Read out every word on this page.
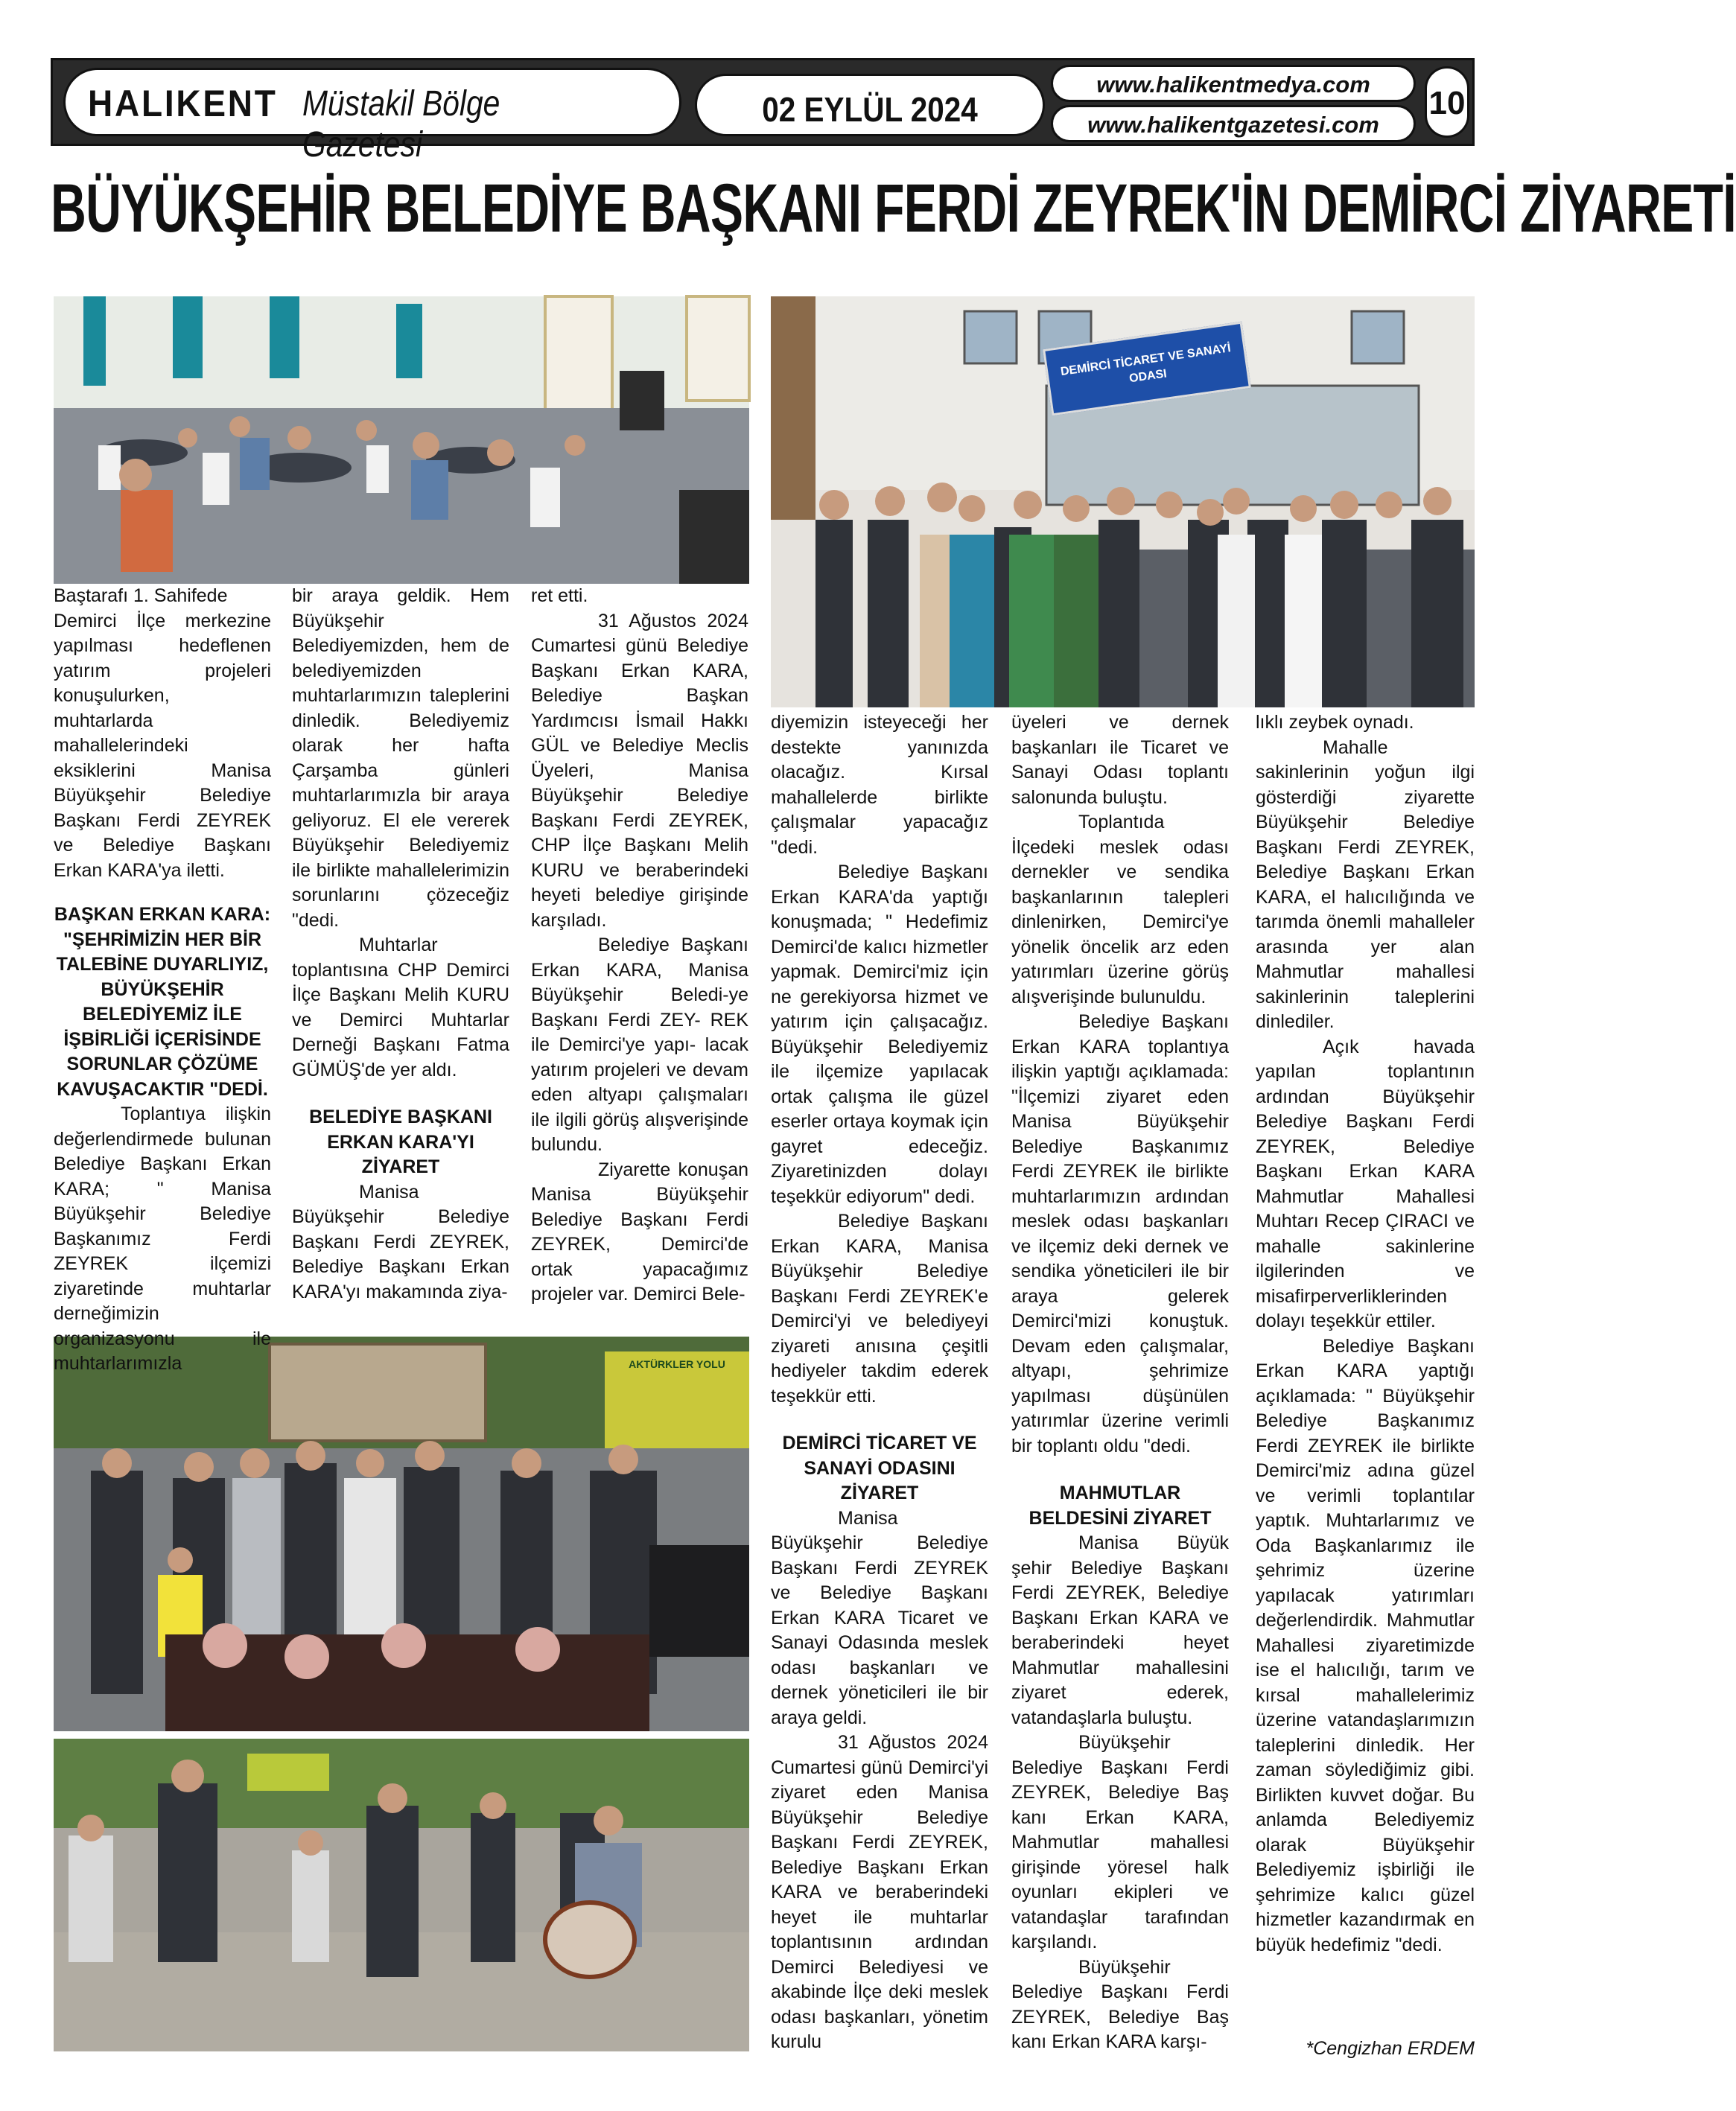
HALIKENT Müstakil Bölge Gazetesi
02 EYLÜL 2024
www.halikentmedya.com
www.halikentgazetesi.com
10
BÜYÜKŞEHİR BELEDİYE BAŞKANI FERDİ ZEYREK'İN DEMİRCİ ZİYARETİ
DEMİRCİ TİCARET VE SANAYİ ODASI
AKTÜRKLER YOLU

Baştarafı 1. Sahifede

Demirci İlçe merkezine yapılması hedeflenen yatırım projeleri konuşulurken, muhtarlarda mahallelerindeki eksiklerini Manisa Büyükşehir Belediye Başkanı Ferdi ZEYREK ve Belediye Başkanı Erkan KARA'ya iletti.

BAŞKAN ERKAN KARA: "ŞEHRİMİZİN HER BİR TALEBİNE DUYARLIYIZ, BÜYÜKŞEHİR BELEDİYEMİZ İLE İŞBİRLİĞİ İÇERİSİNDE SORUNLAR ÇÖZÜME KAVUŞACAKTIR "DEDİ.

Toplantıya ilişkin değerlendirmede bulunan Belediye Başkanı Erkan KARA; " Manisa Büyükşehir Belediye Başkanımız Ferdi ZEYREK ilçemizi ziyaretinde muhtarlar derneğimizin organizasyonu ile muhtarlarımızla

bir araya geldik. Hem Büyükşehir Belediyemizden, hem de belediyemizden muhtarlarımızın taleplerini dinledik. Belediyemiz olarak her hafta Çarşamba günleri muhtarlarımızla bir araya geliyoruz. El ele vererek Büyükşehir Belediyemiz ile birlikte mahallelerimizin sorunlarını çözeceğiz "dedi.

Muhtarlar toplantısına CHP Demirci İlçe Başkanı Melih KURU ve Demirci Muhtarlar Derneği Başkanı Fatma GÜMÜŞ'de yer aldı.

BELEDİYE BAŞKANI ERKAN KARA'YI ZİYARET

Manisa Büyükşehir Belediye Başkanı Ferdi ZEYREK, Belediye Başkanı Erkan KARA'yı makamında ziya-

ret etti.

31 Ağustos 2024 Cumartesi günü Belediye Başkanı Erkan KARA, Belediye Başkan Yardımcısı İsmail Hakkı GÜL ve Belediye Meclis Üyeleri, Manisa Büyükşehir Belediye Başkanı Ferdi ZEYREK, CHP İlçe Başkanı Melih KURU ve beraberindeki heyeti belediye girişinde karşıladı.

Belediye Başkanı Erkan KARA, Manisa Büyükşehir Beledi-ye Başkanı Ferdi ZEY- REK ile Demirci'ye yapı- lacak yatırım projeleri ve devam eden altyapı çalışmaları ile ilgili görüş alışverişinde bulundu.

Ziyarette konuşan Manisa Büyükşehir Belediye Başkanı Ferdi ZEYREK, Demirci'de ortak yapacağımız projeler var. Demirci Bele-

diyemizin isteyeceği her destekte yanınızda olacağız. Kırsal mahallelerde birlikte çalışmalar yapacağız "dedi.

Belediye Başkanı Erkan KARA'da yaptığı konuşmada; " Hedefimiz Demirci'de kalıcı hizmetler yapmak. Demirci'miz için ne gerekiyorsa hizmet ve yatırım için çalışacağız. Büyükşehir Belediyemiz ile ilçemize yapılacak ortak çalışma ile güzel eserler ortaya koymak için gayret edeceğiz. Ziyaretinizden dolayı teşekkür ediyorum" dedi.

Belediye Başkanı Erkan KARA, Manisa Büyükşehir Belediye Başkanı Ferdi ZEYREK'e Demirci'yi ve belediyeyi ziyareti anısına çeşitli hediyeler takdim ederek teşekkür etti.

DEMİRCİ TİCARET VE SANAYİ ODASINI ZİYARET

Manisa Büyükşehir Belediye Başkanı Ferdi ZEYREK ve Belediye Başkanı Erkan KARA Ticaret ve Sanayi Odasında meslek odası başkanları ve dernek yöneticileri ile bir araya geldi.

31 Ağustos 2024 Cumartesi günü Demirci'yi ziyaret eden Manisa Büyükşehir Belediye Başkanı Ferdi ZEYREK, Belediye Başkanı Erkan KARA ve beraberindeki heyet ile muhtarlar toplantısının ardından Demirci Belediyesi ve akabinde İlçe deki meslek odası başkanları, yönetim kurulu

üyeleri ve dernek başkanları ile Ticaret ve Sanayi Odası toplantı salonunda buluştu.

Toplantıda İlçedeki meslek odası dernekler ve sendika başkanlarının talepleri dinlenirken, Demirci'ye yönelik öncelik arz eden yatırımları üzerine görüş alışverişinde bulunuldu.

Belediye Başkanı Erkan KARA toplantıya ilişkin yaptığı açıklamada: "İlçemizi ziyaret eden Manisa Büyükşehir Belediye Başkanımız Ferdi ZEYREK ile birlikte muhtarlarımızın ardından meslek odası başkanları ve ilçemiz deki dernek ve sendika yöneticileri ile bir araya gelerek Demirci'mizi konuştuk. Devam eden çalışmalar, altyapı, şehrimize yapılması düşünülen yatırımlar üzerine verimli bir toplantı oldu "dedi.

MAHMUTLAR BELDESİNİ ZİYARET

Manisa Büyük şehir Belediye Başkanı Ferdi ZEYREK, Belediye Başkanı Erkan KARA ve beraberindeki heyet Mahmutlar mahallesini ziyaret ederek, vatandaşlarla buluştu.

Büyükşehir Belediye Başkanı Ferdi ZEYREK, Belediye Baş kanı Erkan KARA, Mahmutlar mahallesi girişinde yöresel halk oyunları ekipleri ve vatandaşlar tarafından karşılandı.

Büyükşehir Belediye Başkanı Ferdi ZEYREK, Belediye Baş kanı Erkan KARA karşı-

lıklı zeybek oynadı.

Mahalle sakinlerinin yoğun ilgi gösterdiği ziyarette Büyükşehir Belediye Başkanı Ferdi ZEYREK, Belediye Başkanı Erkan KARA, el halıcılığında ve tarımda önemli mahalleler arasında yer alan Mahmutlar mahallesi sakinlerinin taleplerini dinlediler.

Açık havada yapılan toplantının ardından Büyükşehir Belediye Başkanı Ferdi ZEYREK, Belediye Başkanı Erkan KARA Mahmutlar Mahallesi Muhtarı Recep ÇIRACI ve mahalle sakinlerine ilgilerinden ve misafirperverliklerinden dolayı teşekkür ettiler.

Belediye Başkanı Erkan KARA yaptığı açıklamada: " Büyükşehir Belediye Başkanımız Ferdi ZEYREK ile birlikte Demirci'miz adına güzel ve verimli toplantılar yaptık. Muhtarlarımız ve Oda Başkanlarımız ile şehrimiz üzerine yapılacak yatırımları değerlendirdik. Mahmutlar Mahallesi ziyaretimizde ise el halıcılığı, tarım ve kırsal mahallelerimiz üzerine vatandaşlarımızın taleplerini dinledik. Her zaman söylediğimiz gibi. Birlikten kuvvet doğar. Bu anlamda Belediyemiz olarak Büyükşehir Belediyemiz işbirliği ile şehrimize kalıcı güzel hizmetler kazandırmak en büyük hedefimiz "dedi.

*Cengizhan ERDEM
